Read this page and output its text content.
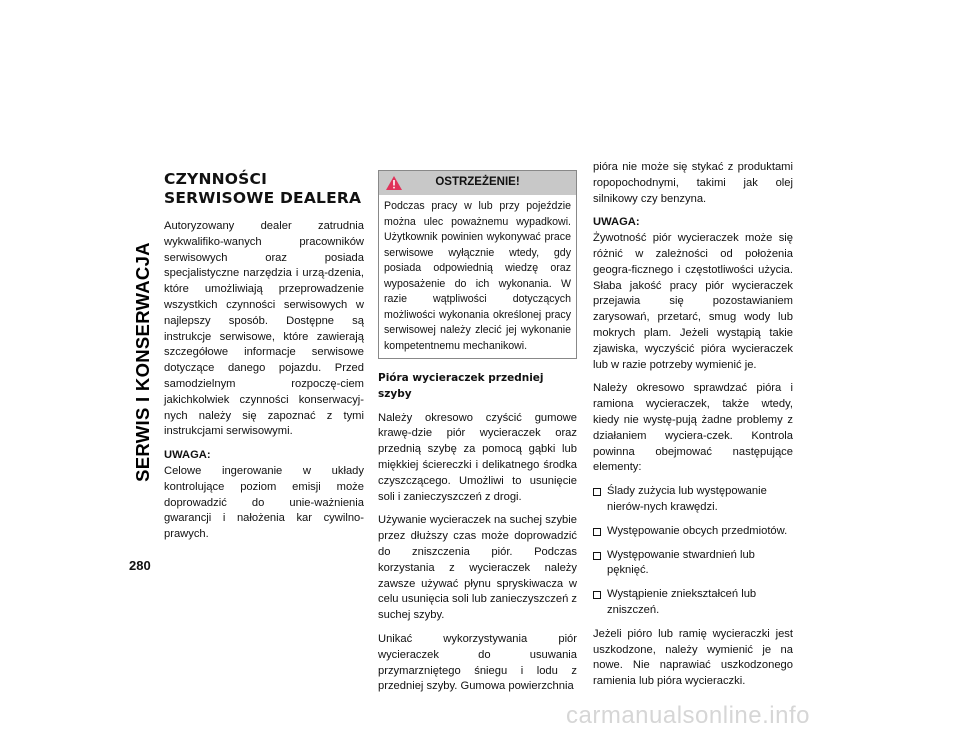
SERWIS I KONSERWACJA
280
CZYNNOŚCI SERWISOWE DEALERA

Autoryzowany dealer zatrudnia wykwalifiko-wanych pracowników serwisowych oraz posiada specjalistyczne narzędzia i urzą-dzenia, które umożliwiają przeprowadzenie wszystkich czynności serwisowych w najlepszy sposób. Dostępne są instrukcje serwisowe, które zawierają szczegółowe informacje serwisowe dotyczące danego pojazdu. Przed samodzielnym rozpoczę-ciem jakichkolwiek czynności konserwacyj-nych należy się zapoznać z tymi instrukcjami serwisowymi.

UWAGA:
Celowe ingerowanie w układy kontrolujące poziom emisji może doprowadzić do unie-ważnienia gwarancji i nałożenia kar cywilno-prawych.

OSTRZEŻENIE!
Podczas pracy w lub przy pojeździe można ulec poważnemu wypadkowi. Użytkownik powinien wykonywać prace serwisowe wyłącznie wtedy, gdy posiada odpowiednią wiedzę oraz wyposażenie do ich wykonania. W razie wątpliwości dotyczących możliwości wykonania określonej pracy serwisowej należy zlecić jej wykonanie kompetentnemu mechanikowi.
Pióra wycieraczek przedniej szyby

Należy okresowo czyścić gumowe krawę-dzie piór wycieraczek oraz przednią szybę za pomocą gąbki lub miękkiej ściereczki i delikatnego środka czyszczącego. Umożliwi to usunięcie soli i zanieczyszczeń z drogi.

Używanie wycieraczek na suchej szybie przez dłuższy czas może doprowadzić do zniszczenia piór. Podczas korzystania z wycieraczek należy zawsze używać płynu spryskiwacza w celu usunięcia soli lub zanieczyszczeń z suchej szyby.

Unikać wykorzystywania piór wycieraczek do usuwania przymarzniętego śniegu i lodu z przedniej szyby. Gumowa powierzchnia

pióra nie może się stykać z produktami ropopochodnymi, takimi jak olej silnikowy czy benzyna.

UWAGA:
Żywotność piór wycieraczek może się różnić w zależności od położenia geogra-ficznego i częstotliwości użycia. Słaba jakość pracy piór wycieraczek przejawia się pozostawianiem zarysowań, przetarć, smug wody lub mokrych plam. Jeżeli wystąpią takie zjawiska, wyczyścić pióra wycieraczek lub w razie potrzeby wymienić je.

Należy okresowo sprawdzać pióra i ramiona wycieraczek, także wtedy, kiedy nie wystę-pują żadne problemy z działaniem wyciera-czek. Kontrola powinna obejmować następujące elementy:

Ślady zużycia lub występowanie nierów-nych krawędzi.
Występowanie obcych przedmiotów.
Występowanie stwardnień lub pęknięć.
Wystąpienie zniekształceń lub zniszczeń.

Jeżeli pióro lub ramię wycieraczki jest uszkodzone, należy wymienić je na nowe. Nie naprawiać uszkodzonego ramienia lub pióra wycieraczki.

carmanualsonline.info
